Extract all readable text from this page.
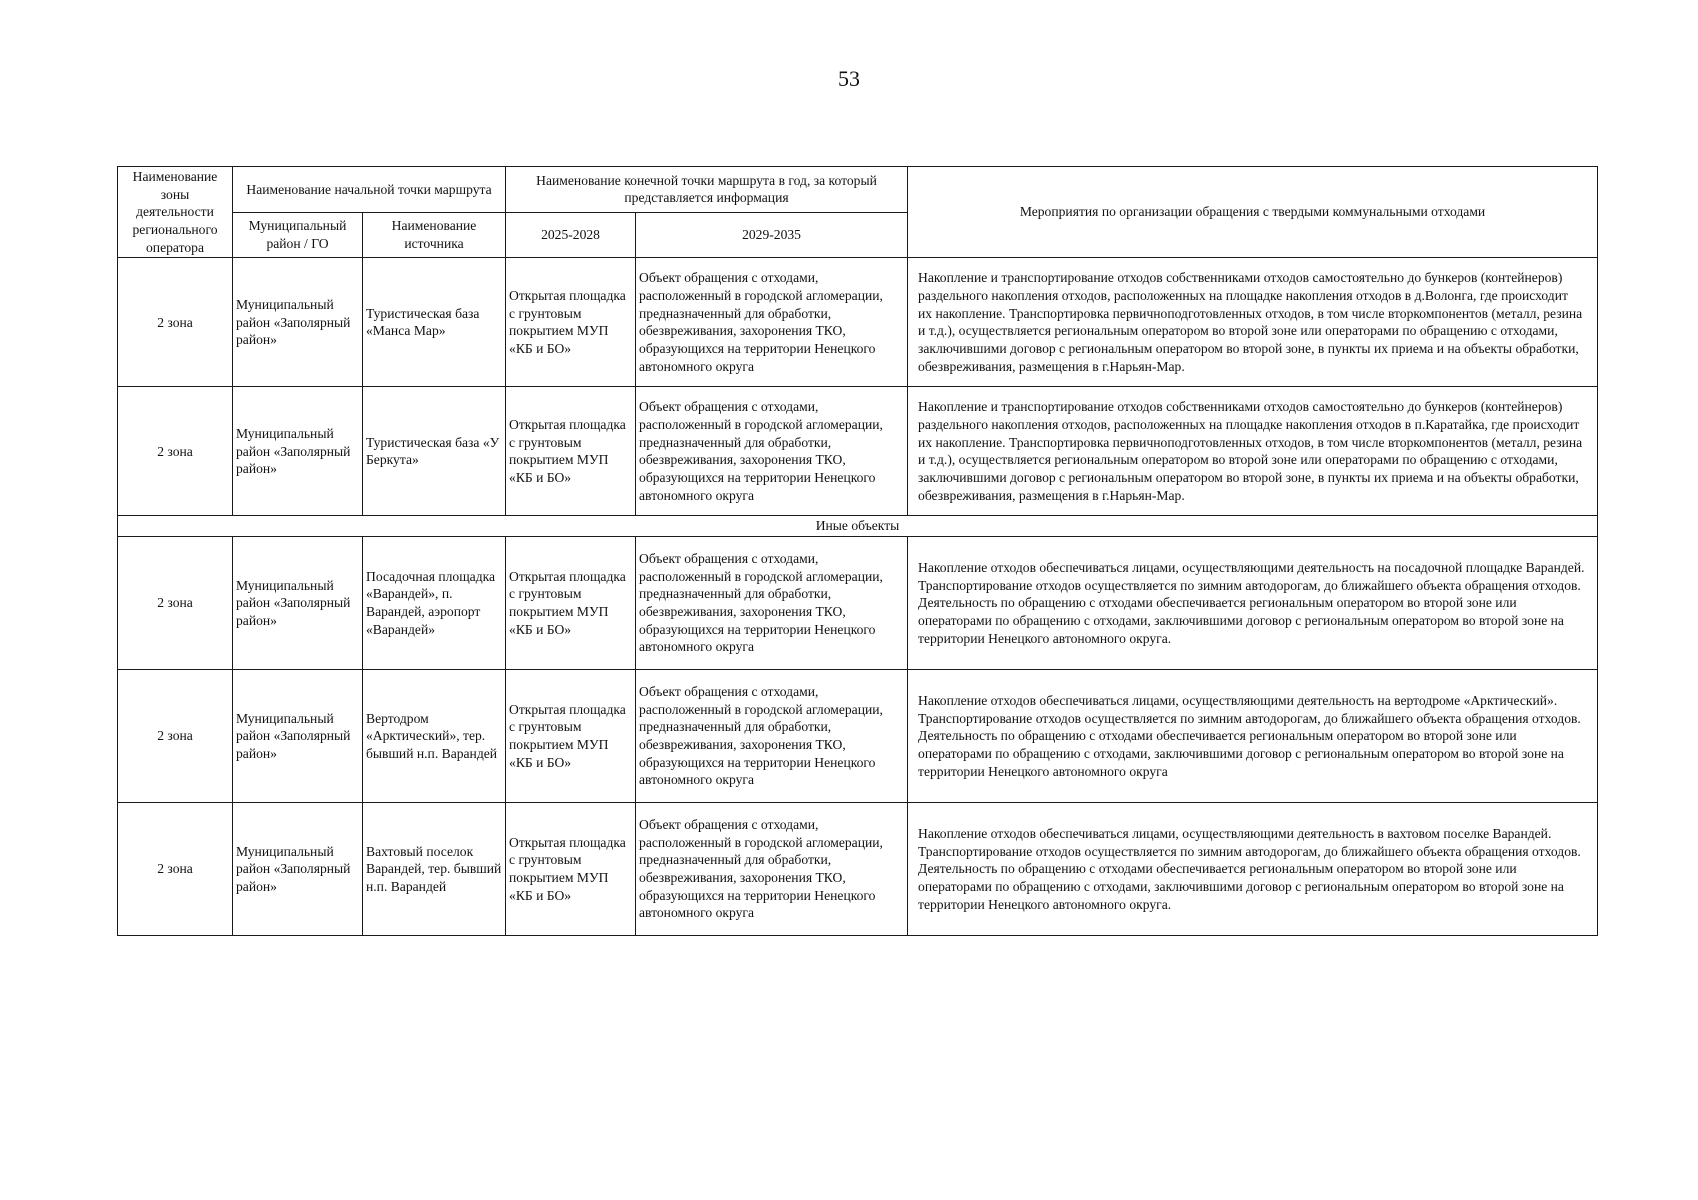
53
Наименование зоны деятельности регионального оператора	Наименование начальной точки маршрута		Наименование конечной точки маршрута в год, за который представляется информация		Мероприятия по организации обращения с твердыми коммунальными отходами
	Муниципальный район / ГО	Наименование источника	2025-2028	2029-2035	
2 зона	Муниципальный район «Заполярный район»	Туристическая база «Манса Мар»	Открытая площадка с грунтовым покрытием МУП «КБ и БО»	Объект обращения с отходами, расположенный в городской агломерации, предназначенный для обработки, обезвреживания, захоронения ТКО, образующихся на территории Ненецкого автономного округа	Накопление и транспортирование отходов собственниками отходов самостоятельно до бункеров (контейнеров) раздельного накопления отходов, расположенных на площадке накопления отходов в д.Волонга, где происходит их накопление. Транспортировка первичноподготовленных отходов, в том числе вторкомпонентов (металл, резина и т.д.), осуществляется региональным оператором во второй зоне или операторами по обращению с отходами, заключившими договор с региональным оператором во второй зоне, в пункты их приема и на объекты обработки, обезвреживания, размещения в г.Нарьян-Мар.
2 зона	Муниципальный район «Заполярный район»	Туристическая база «У Беркута»	Открытая площадка с грунтовым покрытием МУП «КБ и БО»	Объект обращения с отходами, расположенный в городской агломерации, предназначенный для обработки, обезвреживания, захоронения ТКО, образующихся на территории Ненецкого автономного округа	Накопление и транспортирование отходов собственниками отходов самостоятельно до бункеров (контейнеров) раздельного накопления отходов, расположенных на площадке накопления отходов в п.Каратайка, где происходит их накопление. Транспортировка первичноподготовленных отходов, в том числе вторкомпонентов (металл, резина и т.д.), осуществляется региональным оператором во второй зоне или операторами по обращению с отходами, заключившими договор с региональным оператором во второй зоне, в пункты их приема и на объекты обработки, обезвреживания, размещения в г.Нарьян-Мар.
Иные объекты					
2 зона	Муниципальный район «Заполярный район»	Посадочная площадка «Варандей», п. Варандей, аэропорт «Варандей»	Открытая площадка с грунтовым покрытием МУП «КБ и БО»	Объект обращения с отходами, расположенный в городской агломерации, предназначенный для обработки, обезвреживания, захоронения ТКО, образующихся на территории Ненецкого автономного округа	Накопление отходов обеспечиваться лицами, осуществляющими деятельность на посадочной площадке Варандей. Транспортирование отходов осуществляется по зимним автодорогам, до ближайшего объекта обращения отходов. Деятельность по обращению с отходами обеспечивается региональным оператором во второй зоне или операторами по обращению с отходами, заключившими договор с региональным оператором во второй зоне на территории Ненецкого автономного округа.
2 зона	Муниципальный район «Заполярный район»	Вертодром «Арктический», тер. бывший н.п. Варандей	Открытая площадка с грунтовым покрытием МУП «КБ и БО»	Объект обращения с отходами, расположенный в городской агломерации, предназначенный для обработки, обезвреживания, захоронения ТКО, образующихся на территории Ненецкого автономного округа	Накопление отходов обеспечиваться лицами, осуществляющими деятельность на вертодроме «Арктический». Транспортирование отходов осуществляется по зимним автодорогам, до ближайшего объекта обращения отходов. Деятельность по обращению с отходами обеспечивается региональным оператором во второй зоне или операторами по обращению с отходами, заключившими договор с региональным оператором во второй зоне на территории Ненецкого автономного округа
2 зона	Муниципальный район «Заполярный район»	Вахтовый поселок Варандей, тер. бывший н.п. Варандей	Открытая площадка с грунтовым покрытием МУП «КБ и БО»	Объект обращения с отходами, расположенный в городской агломерации, предназначенный для обработки, обезвреживания, захоронения ТКО, образующихся на территории Ненецкого автономного округа	Накопление отходов обеспечиваться лицами, осуществляющими деятельность в вахтовом поселке Варандей. Транспортирование отходов осуществляется по зимним автодорогам, до ближайшего объекта обращения отходов. Деятельность по обращению с отходами обеспечивается региональным оператором во второй зоне или операторами по обращению с отходами, заключившими договор с региональным оператором во второй зоне на территории Ненецкого автономного округа.
